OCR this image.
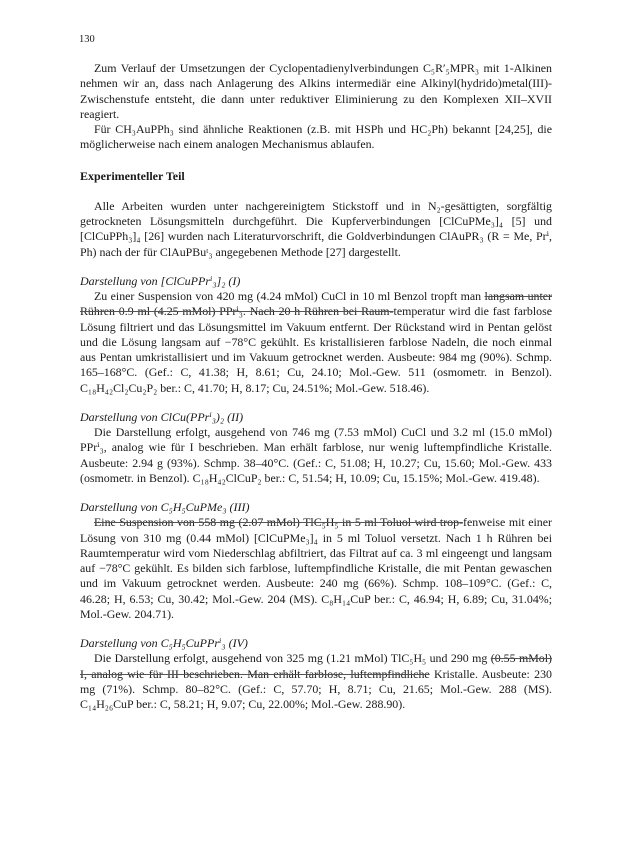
130

Zum Verlauf der Umsetzungen der Cyclopentadienylverbindungen C₅R′₅MPR₃ mit 1-Alkinen nehmen wir an, dass nach Anlagerung des Alkins intermediär eine Alkinyl(hydrido)metal(III)-Zwischenstufe entsteht, die dann unter reduktiver Eliminierung zu den Komplexen XII–XVII reagiert.

Für CH₃AuPPh₃ sind ähnliche Reaktionen (z.B. mit HSPh und HC₂Ph) bekannt [24,25], die möglicherweise nach einem analogen Mechanismus ablaufen.

Experimenteller Teil

Alle Arbeiten wurden unter nachgereinigtem Stickstoff und in N₂-gesättigten, sorgfältig getrockneten Lösungsmitteln durchgeführt. Die Kupferverbindungen [ClCuPMe₃]₄ [5] und [ClCuPPh₃]₄ [26] wurden nach Literaturvorschrift, die Goldverbindungen ClAuPR₃ (R = Me, Prⁱ, Ph) nach der für ClAuPBuᵗ₃ angegebenen Methode [27] dargestellt.

Darstellung von [ClCuPPrⁱ₃]₂ (I)

Zu einer Suspension von 420 mg (4.24 mMol) CuCl in 10 ml Benzol tropft man langsam unter Rühren 0.9 ml (4.25 mMol) PPrⁱ₃. Nach 20 h Rühren bei Raum-temperatur wird die fast farblose Lösung filtriert und das Lösungsmittel im Vakuum entfernt. Der Rückstand wird in Pentan gelöst und die Lösung langsam auf −78°C gekühlt. Es kristallisieren farblose Nadeln, die noch einmal aus Pentan umkristallisiert und im Vakuum getrocknet werden. Ausbeute: 984 mg (90%). Schmp. 165–168°C. (Gef.: C, 41.38; H, 8.61; Cu, 24.10; Mol.-Gew. 511 (osmometr. in Benzol). C₁₈H₄₂Cl₂Cu₂P₂ ber.: C, 41.70; H, 8.17; Cu, 24.51%; Mol.-Gew. 518.46).

Darstellung von ClCu(PPrⁱ₃)₂ (II)

Die Darstellung erfolgt, ausgehend von 746 mg (7.53 mMol) CuCl und 3.2 ml (15.0 mMol) PPrⁱ₃, analog wie für I beschrieben. Man erhält farblose, nur wenig luftempfindliche Kristalle. Ausbeute: 2.94 g (93%). Schmp. 38–40°C. (Gef.: C, 51.08; H, 10.27; Cu, 15.60; Mol.-Gew. 433 (osmometr. in Benzol). C₁₈H₄₂ClCuP₂ ber.: C, 51.54; H, 10.09; Cu, 15.15%; Mol.-Gew. 419.48).

Darstellung von C₅H₅CuPMe₃ (III)

Eine Suspension von 558 mg (2.07 mMol) TlC₅H₅ in 5 ml Toluol wird trop-fenweise mit einer Lösung von 310 mg (0.44 mMol) [ClCuPMe₃]₄ in 5 ml Toluol versetzt. Nach 1 h Rühren bei Raumtemperatur wird vom Niederschlag abfiltriert, das Filtrat auf ca. 3 ml eingeengt und langsam auf −78°C gekühlt. Es bilden sich farblose, luftempfindliche Kristalle, die mit Pentan gewaschen und im Vakuum getrocknet werden. Ausbeute: 240 mg (66%). Schmp. 108–109°C. (Gef.: C, 46.28; H, 6.53; Cu, 30.42; Mol.-Gew. 204 (MS). C₈H₁₄CuP ber.: C, 46.94; H, 6.89; Cu, 31.04%; Mol.-Gew. 204.71).

Darstellung von C₅H₅CuPPrⁱ₃ (IV)

Die Darstellung erfolgt, ausgehend von 325 mg (1.21 mMol) TlC₅H₅ und 290 mg (0.55 mMol) I, analog wie für III beschrieben. Man erhält farblose, luftempfindliche Kristalle. Ausbeute: 230 mg (71%). Schmp. 80–82°C. (Gef.: C, 57.70; H, 8.71; Cu, 21.65; Mol.-Gew. 288 (MS). C₁₄H₂₆CuP ber.: C, 58.21; H, 9.07; Cu, 22.00%; Mol.-Gew. 288.90).
